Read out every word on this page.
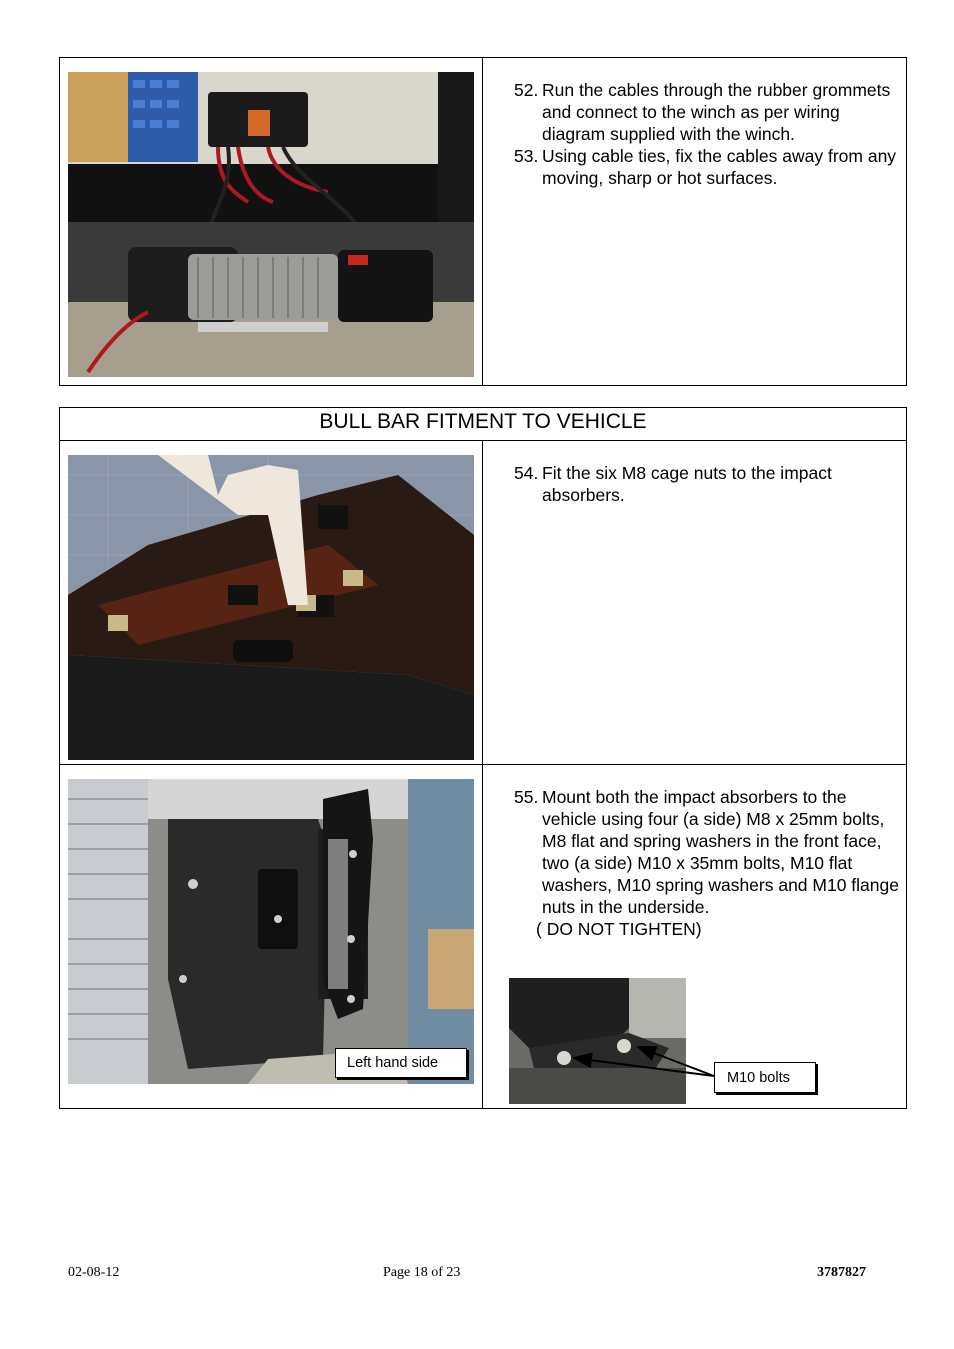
52. Run the cables through the rubber grommets and connect to the winch as per wiring diagram supplied with the winch.
53. Using cable ties, fix the cables away from any moving, sharp or hot surfaces.
BULL BAR FITMENT TO VEHICLE
54. Fit the six M8 cage nuts to the impact absorbers.
Left hand side
55. Mount both the impact absorbers to the vehicle using four (a side) M8 x 25mm bolts, M8 flat and spring washers in the front face, two (a side) M10 x 35mm bolts, M10 flat washers, M10 spring washers and M10 flange nuts in the underside.
( DO NOT TIGHTEN)
M10 bolts
02-08-12	Page 18 of 23	3787827
